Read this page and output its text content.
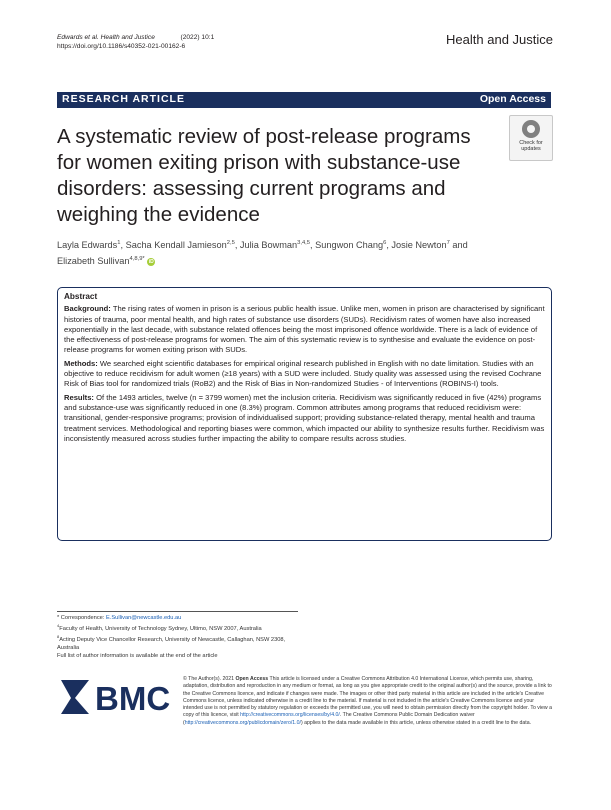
Edwards et al. Health and Justice	(2022) 10:1
https://doi.org/10.1186/s40352-021-00162-6	Health and Justice
RESEARCH ARTICLE	Open Access
A systematic review of post-release programs for women exiting prison with substance-use disorders: assessing current programs and weighing the evidence
Check for
updates
Layla Edwards$^1$, Sacha Kendall Jamieson$^{2,5}$, Julia Bowman$^{3,4,5}$, Sungwon Chang$^6$, Josie Newton$^7$ and
Elizabeth Sullivan$^{4,8,9*}$ iD
Abstract

Background: The rising rates of women in prison is a serious public health issue. Unlike men, women in prison are characterised by significant histories of trauma, poor mental health, and high rates of substance use disorders (SUDs). Recidivism rates of women have also increased exponentially in the last decade, with substance related offences being the most imprisoned offence worldwide. There is a lack of evidence of the effectiveness of post-release programs for women. The aim of this systematic review is to synthesise and evaluate the evidence on post-release programs for women exiting prison with SUDs.

Methods: We searched eight scientific databases for empirical original research published in English with no date limitation. Studies with an objective to reduce recidivism for adult women (≥18 years) with a SUD were included. Study quality was assessed using the revised Cochrane Risk of Bias tool for randomized trials (RoB2) and the Risk of Bias in Non-randomized Studies - of Interventions (ROBINS-I) tools.

Results: Of the 1493 articles, twelve (n = 3799 women) met the inclusion criteria. Recidivism was significantly reduced in five (42%) programs and substance-use was significantly reduced in one (8.3%) program. Common attributes among programs that reduced recidivism were: transitional, gender-responsive programs; provision of individualised support; providing substance-related therapy, mental health and trauma treatment services. Methodological and reporting biases were common, which impacted our ability to synthesize results further. Recidivism was inconsistently measured across studies further impacting the ability to compare results across studies.

* Correspondence: E.Sullivan@newcastle.edu.au
$^4$Faculty of Health, University of Technology Sydney, Ultimo, NSW 2007, Australia
$^8$Acting Deputy Vice Chancellor Research, University of Newcastle, Callaghan, NSW 2308, Australia
Full list of author information is available at the end of the article
BMC
© The Author(s). 2021 Open Access This article is licensed under a Creative Commons Attribution 4.0 International License, which permits use, sharing, adaptation, distribution and reproduction in any medium or format, as long as you give appropriate credit to the original author(s) and the source, provide a link to the Creative Commons licence, and indicate if changes were made. The images or other third party material in this article are included in the article's Creative Commons licence, unless indicated otherwise in a credit line to the material. If material is not included in the article's Creative Commons licence and your intended use is not permitted by statutory regulation or exceeds the permitted use, you will need to obtain permission directly from the copyright holder. To view a copy of this licence, visit http://creativecommons.org/licenses/by/4.0/. The Creative Commons Public Domain Dedication waiver (http://creativecommons.org/publicdomain/zero/1.0/) applies to the data made available in this article, unless otherwise stated in a credit line to the data.
